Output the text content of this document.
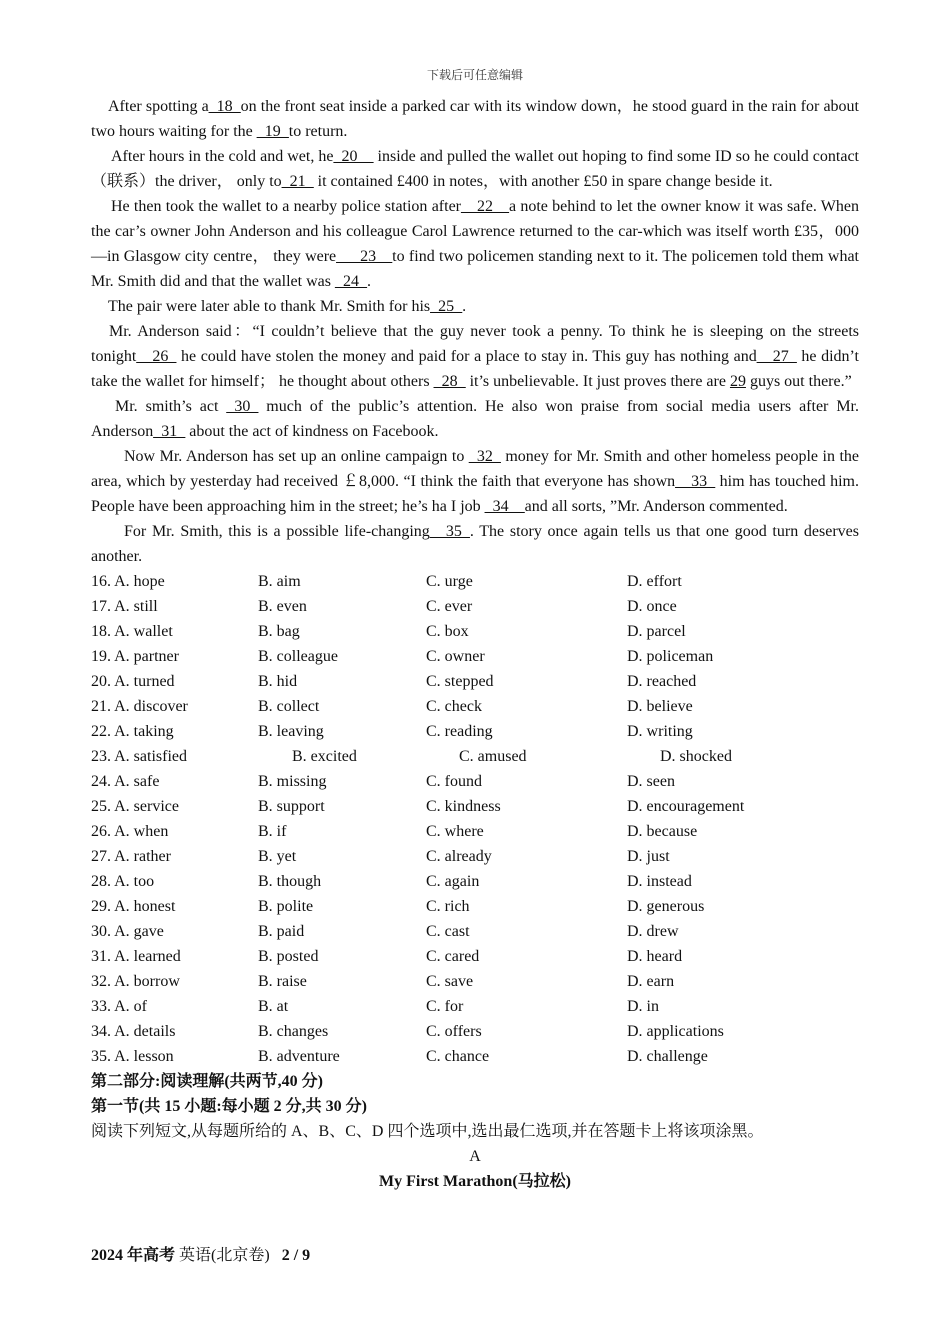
下载后可任意编辑

After spotting a_18_on the front seat inside a parked car with its window down，he stood guard in the rain for about two hours waiting for the _19_to return.

After hours in the cold and wet, he_20__ inside and pulled the wallet out hoping to find some ID so he could contact（联系）the driver， only to_21_ it contained £400 in notes，with another £50 in spare change beside it.

He then took the wallet to a nearby police station after__22__a note behind to let the owner know it was safe. When the car’s owner John Anderson and his colleague Carol Lawrence returned to the car-which was itself worth £35，000—in Glasgow city centre， they were___23__to find two policemen standing next to it. The policemen told them what Mr. Smith did and that the wallet was _24_.

The pair were later able to thank Mr. Smith for his_25_.

Mr. Anderson said：“I couldn’t believe that the guy never took a penny. To think he is sleeping on the streets tonight__26_ he could have stolen the money and paid for a place to stay in. This guy has nothing and__27_ he didn’t take the wallet for himself； he thought about others _28_ it’s unbelievable. It just proves there are 29 guys out there.”

Mr. smith’s act _30_ much of the public’s attention. He also won praise from social media users after Mr. Anderson_31_ about the act of kindness on Facebook.

Now Mr. Anderson has set up an online campaign to _32_ money for Mr. Smith and other homeless people in the area, which by yesterday had received ￡8,000. “I think the faith that everyone has shown__33_ him has touched him. People have been approaching him in the street; he’s ha I job _34__and all sorts, ”Mr. Anderson commented.

For Mr. Smith, this is a possible life-changing__35_. The story once again tells us that one good turn deserves another.

16. A. hope	B. aim	C. urge	D. effort
17. A. still	B. even	C. ever	D. once
18. A. wallet	B. bag	C. box	D. parcel
19. A. partner	B. colleague	C. owner	D. policeman
20. A. turned	B. hid	C. stepped	D. reached
21. A. discover	B. collect	C. check	D. believe
22. A. taking	B. leaving	C. reading	D. writing
23. A. satisfied	B. excited	C. amused	D. shocked
24. A. safe	B. missing	C. found	D. seen
25. A. service	B. support	C. kindness	D. encouragement
26. A. when	B. if	C. where	D. because
27. A. rather	B. yet	C. already	D. just
28. A. too	B. though	C. again	D. instead
29. A. honest	B. polite	C. rich	D. generous
30. A. gave	B. paid	C. cast	D. drew
31. A. learned	B. posted	C. cared	D. heard
32. A. borrow	B. raise	C. save	D. earn
33. A. of	B. at	C. for	D. in
34. A. details	B. changes	C. offers	D. applications
35. A. lesson	B. adventure	C. chance	D. challenge
第二部分:阅读理解(共两节,40 分)
第一节(共 15 小题:每小题 2 分,共 30 分)
阅读下列短文,从每题所给的 A、B、C、D 四个选项中,选出最仁选项,并在答题卡上将该项涂黑。
A
My First Marathon(马拉松)
2024 年高考 英语(北京卷) 2 / 9
